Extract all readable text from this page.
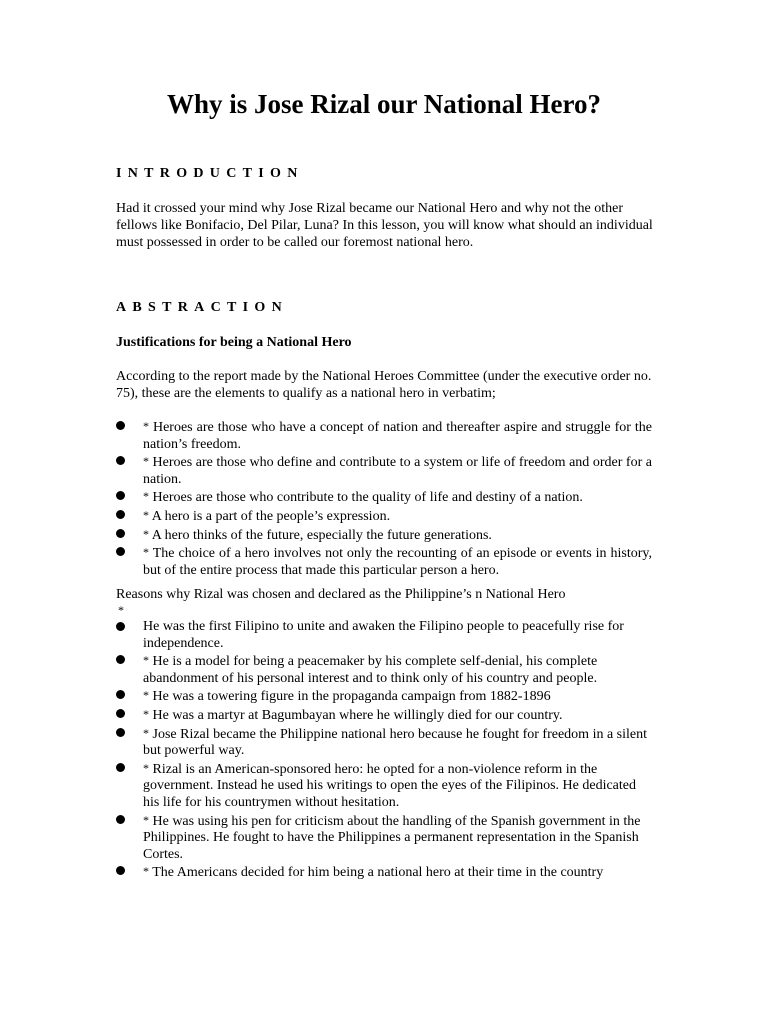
Why is Jose Rizal our National Hero?
INTRODUCTION

Had it crossed your mind why Jose Rizal became our National Hero and why not the other fellows like Bonifacio, Del Pilar, Luna? In this lesson, you will know what should an individual must possessed in order to be called our foremost national hero.

ABSTRACTION
Justifications for being a National Hero

According to the report made by the National Heroes Committee (under the executive order no. 75), these are the elements to qualify as a national hero in verbatim;

* Heroes are those who have a concept of nation and thereafter aspire and struggle for the nation’s freedom.
* Heroes are those who define and contribute to a system or life of freedom and order for a nation.
* Heroes are those who contribute to the quality of life and destiny of a nation.
* A hero is a part of the people’s expression.
* A hero thinks of the future, especially the future generations.
* The choice of a hero involves not only the recounting of an episode or events in history, but of the entire process that made this particular person a hero.
Reasons why Rizal was chosen and declared as the Philippine’s n National Hero
*
He was the first Filipino to unite and awaken the Filipino people to peacefully rise for independence.
* He is a model for being a peacemaker by his complete self-denial, his complete abandonment of his personal interest and to think only of his country and people.
* He was a towering figure in the propaganda campaign from 1882-1896
* He was a martyr at Bagumbayan where he willingly died for our country.
* Jose Rizal became the Philippine national hero because he fought for freedom in a silent but powerful way.
* Rizal is an American-sponsored hero: he opted for a non-violence reform in the government. Instead he used his writings to open the eyes of the Filipinos. He dedicated his life for his countrymen without hesitation.
* He was using his pen for criticism about the handling of the Spanish government in the Philippines. He fought to have the Philippines a permanent representation in the Spanish Cortes.
* The Americans decided for him being a national hero at their time in the country
